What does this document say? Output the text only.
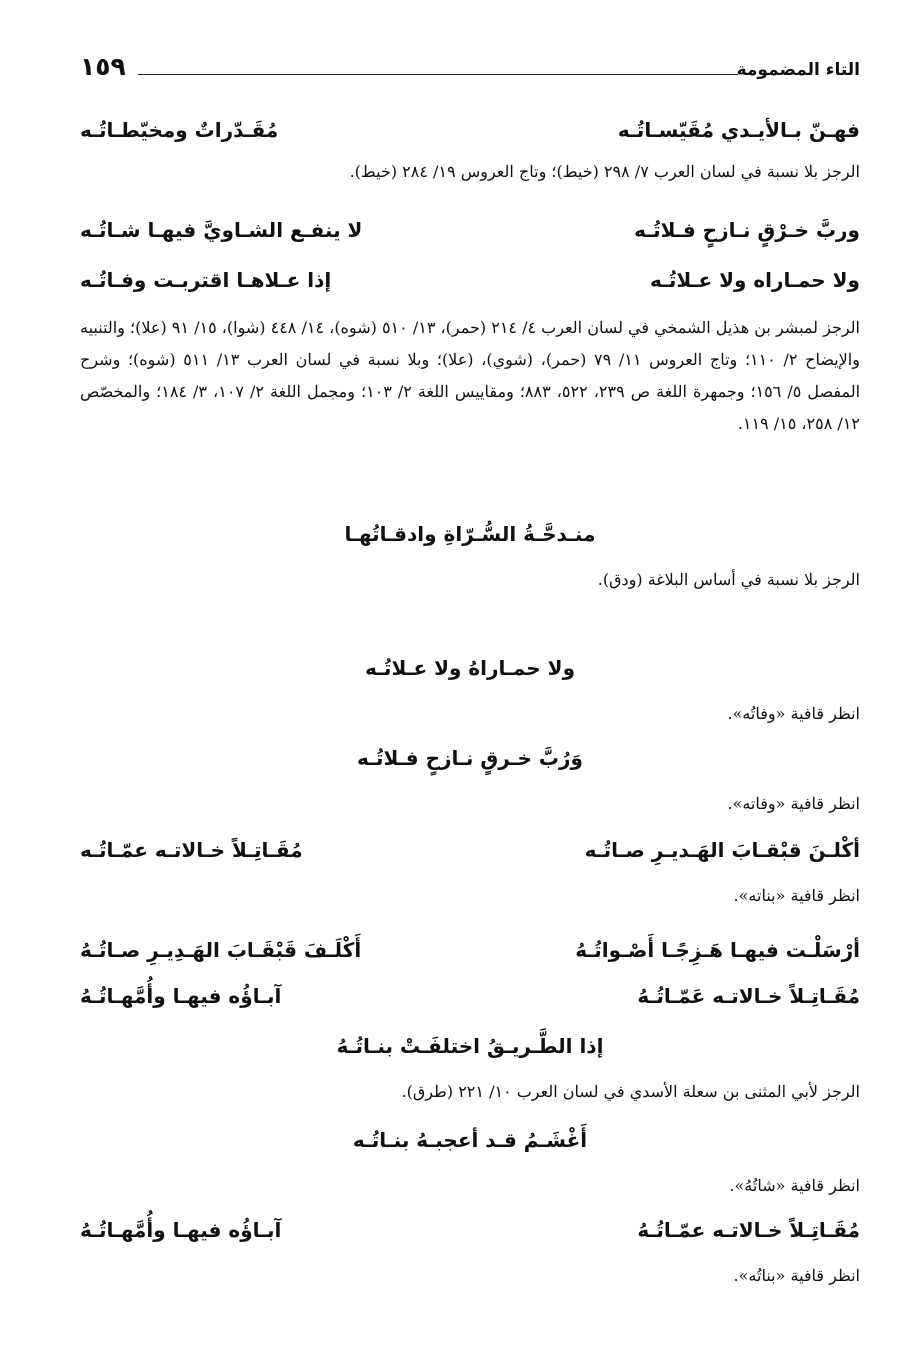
التاء المضمومة
١٥٩
فهـنّ بـالأيـدي مُقَيّسـاتُـه
مُقَـدّراتٌ ومخيّطـاتُـه
الرجز بلا نسبة في لسان العرب ٧/ ٢٩٨ (خيط)؛ وتاج العروس ١٩/ ٢٨٤ (خيط).
وربَّ خـرْقٍ نـازحٍ فـلاتُـه
لا ينفـع الشـاويَّ فيهـا شـاتُـه
ولا حمـاراه ولا عـلاتُـه
إذا عـلاهـا اقتربـت وفـاتُـه
الرجز لمبشر بن هذيل الشمخي في لسان العرب ٤/ ٢١٤ (حمر)، ١٣/ ٥١٠ (شوه)، ١٤/ ٤٤٨ (شوا)، ١٥/ ٩١ (علا)؛ والتنبيه والإيضاح ٢/ ١١٠؛ وتاج العروس ١١/ ٧٩ (حمر)، (شوي)، (علا)؛ وبلا نسبة في لسان العرب ١٣/ ٥١١ (شوه)؛ وشرح المفصل ٥/ ١٥٦؛ وجمهرة اللغة ص ٢٣٩، ٥٢٢، ٨٨٣؛ ومقاييس اللغة ٢/ ١٠٣؛ ومجمل اللغة ٢/ ١٠٧، ٣/ ١٨٤؛ والمخصّص ١٢/ ٢٥٨، ١٥/ ١١٩.
منـدحَّـةُ السُّـرّاةِ وادقـاتُهـا
الرجز بلا نسبة في أساس البلاغة (ودق).
ولا حمـاراهُ ولا عـلاتُـه
انظر قافية «وفاتُه».
وَرُبَّ خـرقٍ نـازحٍ فـلاتُـه
انظر قافية «وفاته».
أكْلـنَ قبْقـابَ الهَـديـرِ صـاتُـه
مُقَـاتِـلاً خـالاتـه عمّـاتُـه
انظر قافية «بناته».
أرْسَلْـت فيهـا هَـزِجًـا أَصْـواتُـهُ
أَكْلَـفَ قَبْقَـابَ الهَـدِيـرِ صـاتُـهُ
مُقَـاتِـلاً خـالاتـه عَمّـاتُـهُ
آبـاؤُه فيهـا وأُمَّهـاتُـهُ
إذا الطَّـريـقُ اختلفَـتْ بنـاتُـهُ
الرجز لأبي المثنى بن سعلة الأسدي في لسان العرب ١٠/ ٢٢١ (طرق).
أَغْشَـمُ قـد أعجبـهُ بنـاتُـه
انظر قافية «شاتُهُ».
مُقَـاتِـلاً خـالاتـه عمّـاتُـهُ
آبـاؤُه فيهـا وأُمَّهـاتُـهُ
انظر قافية «بناتُه».
